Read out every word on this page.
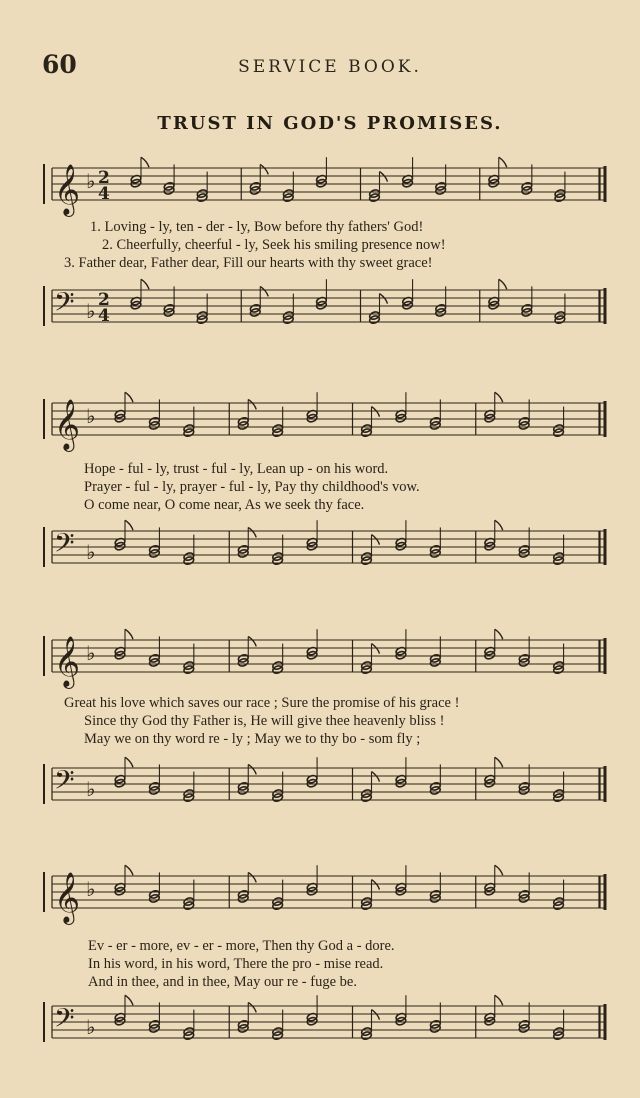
60	SERVICE BOOK.
TRUST IN GOD'S PROMISES.
𝄞 ♭ 2
4
1. Loving - ly, ten - der - ly, Bow before thy fathers' God!
2. Cheerfully, cheerful - ly, Seek his smiling presence now!
3. Father dear, Father dear, Fill our hearts with thy sweet grace!
𝄢 ♭ 2
4
𝄞 ♭
Hope - ful - ly, trust - ful - ly, Lean up - on his word.
Prayer - ful - ly, prayer - ful - ly, Pay thy childhood's vow.
O come near, O come near, As we seek thy face.
𝄢 ♭
𝄞 ♭
Great his love which saves our race ; Sure the promise of his grace !
Since thy God thy Father is, He will give thee heavenly bliss !
May we on thy word re - ly ; May we to thy bo - som fly ;
𝄢 ♭
𝄞 ♭
Ev - er - more, ev - er - more, Then thy God a - dore.
In his word, in his word, There the pro - mise read.
And in thee, and in thee, May our re - fuge be.
𝄢 ♭
